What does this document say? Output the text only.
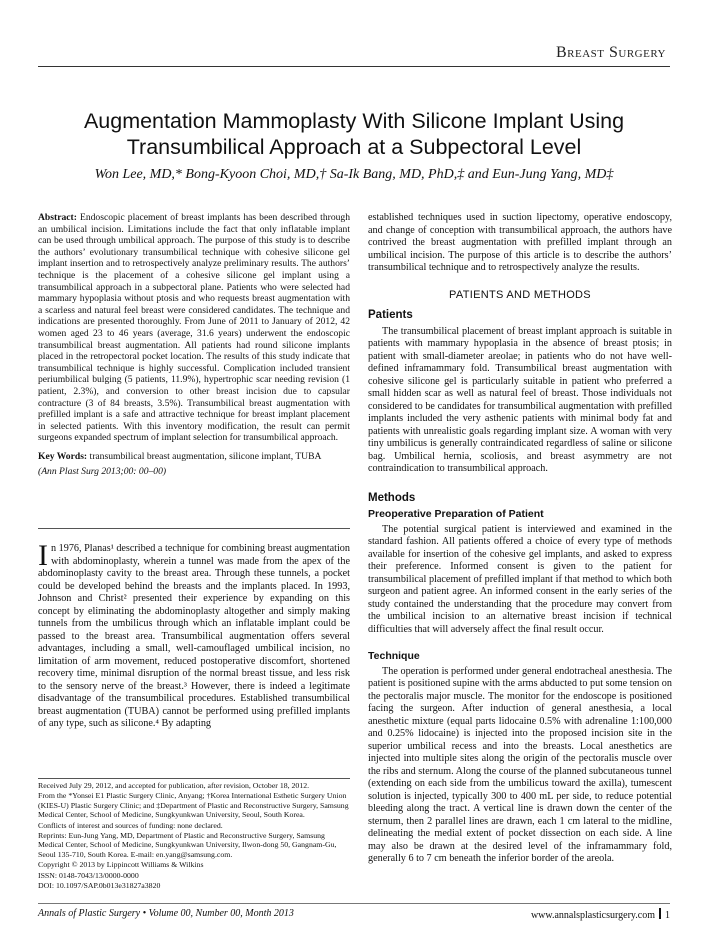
Breast Surgery
Augmentation Mammoplasty With Silicone Implant Using Transumbilical Approach at a Subpectoral Level
Won Lee, MD,* Bong-Kyoon Choi, MD,† Sa-Ik Bang, MD, PhD,‡ and Eun-Jung Yang, MD‡

Abstract: Endoscopic placement of breast implants has been described through an umbilical incision. Limitations include the fact that only inflatable implant can be used through umbilical approach. The purpose of this study is to describe the authors’ evolutionary transumbilical technique with cohesive silicone gel implant insertion and to retrospectively analyze preliminary results. The authors’ technique is the placement of a cohesive silicone gel implant using a transumbilical approach in a subpectoral plane. Patients who were selected had mammary hypoplasia without ptosis and who requests breast augmentation with a scarless and natural feel breast were considered candidates. The technique and indications are presented thoroughly. From June of 2011 to January of 2012, 42 women aged 23 to 46 years (average, 31.6 years) underwent the endoscopic transumbilical breast augmentation. All patients had round silicone implants placed in the retropectoral pocket location. The results of this study indicate that transumbilical technique is highly successful. Complication included transient periumbilical bulging (5 patients, 11.9%), hypertrophic scar needing revision (1 patient, 2.3%), and conversion to other breast incision due to capsular contracture (3 of 84 breasts, 3.5%). Transumbilical breast augmentation with prefilled implant is a safe and attractive technique for breast implant placement in selected patients. With this inventory modification, the result can permit surgeons expanded spectrum of implant selection for transumbilical approach.

Key Words: transumbilical breast augmentation, silicone implant, TUBA

(Ann Plast Surg 2013;00: 00–00)

In 1976, Planas¹ described a technique for combining breast augmentation with abdominoplasty, wherein a tunnel was made from the apex of the abdominoplasty cavity to the breast area. Through these tunnels, a pocket could be developed behind the breasts and the implants placed. In 1993, Johnson and Christ² presented their experience by expanding on this concept by eliminating the abdominoplasty altogether and simply making tunnels from the umbilicus through which an inflatable implant could be passed to the breast area. Transumbilical augmentation offers several advantages, including a small, well-camouflaged umbilical incision, no limitation of arm movement, reduced postoperative discomfort, shortened recovery time, minimal disruption of the normal breast tissue, and less risk to the sensory nerve of the breast.³ However, there is indeed a legitimate disadvantage of the transumbilical procedures. Established transumbilical breast augmentation (TUBA) cannot be performed using prefilled implants of any type, such as silicone.⁴ By adapting

Received July 29, 2012, and accepted for publication, after revision, October 18, 2012.

From the *Yonsei E1 Plastic Surgery Clinic, Anyang; †Korea International Esthetic Surgery Union (KIES-U) Plastic Surgery Clinic; and ‡Department of Plastic and Reconstructive Surgery, Samsung Medical Center, School of Medicine, Sungkyunkwan University, Seoul, South Korea.

Conflicts of interest and sources of funding: none declared.

Reprints: Eun-Jung Yang, MD, Department of Plastic and Reconstructive Surgery, Samsung Medical Center, School of Medicine, Sungkyunkwan University, Ilwon-dong 50, Gangnam-Gu, Seoul 135-710, South Korea. E-mail: en.yang@samsung.com.

Copyright © 2013 by Lippincott Williams & Wilkins

ISSN: 0148-7043/13/0000-0000

DOI: 10.1097/SAP.0b013e31827a3820

established techniques used in suction lipectomy, operative endoscopy, and change of conception with transumbilical approach, the authors have contrived the breast augmentation with prefilled implant through an umbilical incision. The purpose of this article is to describe the authors’ transumbilical technique and to retrospectively analyze the results.

PATIENTS AND METHODS
Patients

The transumbilical placement of breast implant approach is suitable in patients with mammary hypoplasia in the absence of breast ptosis; in patient with small-diameter areolae; in patients who do not have well-defined inframammary fold. Transumbilical breast augmentation with cohesive silicone gel is particularly suitable in patient who preferred a small hidden scar as well as natural feel of breast. Those individuals not considered to be candidates for transumbilical augmentation with prefilled implants included the very asthenic patients with minimal body fat and patients with unrealistic goals regarding implant size. A woman with very tiny umbilicus is generally contraindicated regardless of saline or silicone bag. Umbilical hernia, scoliosis, and breast asymmetry are not contraindication to transumbilical approach.

Methods
Preoperative Preparation of Patient

The potential surgical patient is interviewed and examined in the standard fashion. All patients offered a choice of every type of methods available for insertion of the cohesive gel implants, and asked to express their preference. Informed consent is given to the patient for transumbilical placement of prefilled implant if that method to which both surgeon and patient agree. An informed consent in the early series of the study contained the understanding that the procedure may convert from the umbilical incision to an alternative breast incision if technical difficulties that will adversely affect the final result occur.

Technique

The operation is performed under general endotracheal anesthesia. The patient is positioned supine with the arms abducted to put some tension on the pectoralis major muscle. The monitor for the endoscope is positioned facing the surgeon. After induction of general anesthesia, a local anesthetic mixture (equal parts lidocaine 0.5% with adrenaline 1:100,000 and 0.25% lidocaine) is injected into the proposed incision site in the superior umbilical recess and into the breasts. Local anesthetics are injected into multiple sites along the origin of the pectoralis muscle over the ribs and sternum. Along the course of the planned subcutaneous tunnel (extending on each side from the umbilicus toward the axilla), tumescent solution is injected, typically 300 to 400 mL per side, to reduce potential bleeding along the tract. A vertical line is drawn down the center of the sternum, then 2 parallel lines are drawn, each 1 cm lateral to the midline, delineating the medial extent of pocket dissection on each side. A line may also be drawn at the desired level of the inframammary fold, generally 6 to 7 cm beneath the inferior border of the areola.

Annals of Plastic Surgery • Volume 00, Number 00, Month 2013	www.annalsplasticsurgery.com 1
